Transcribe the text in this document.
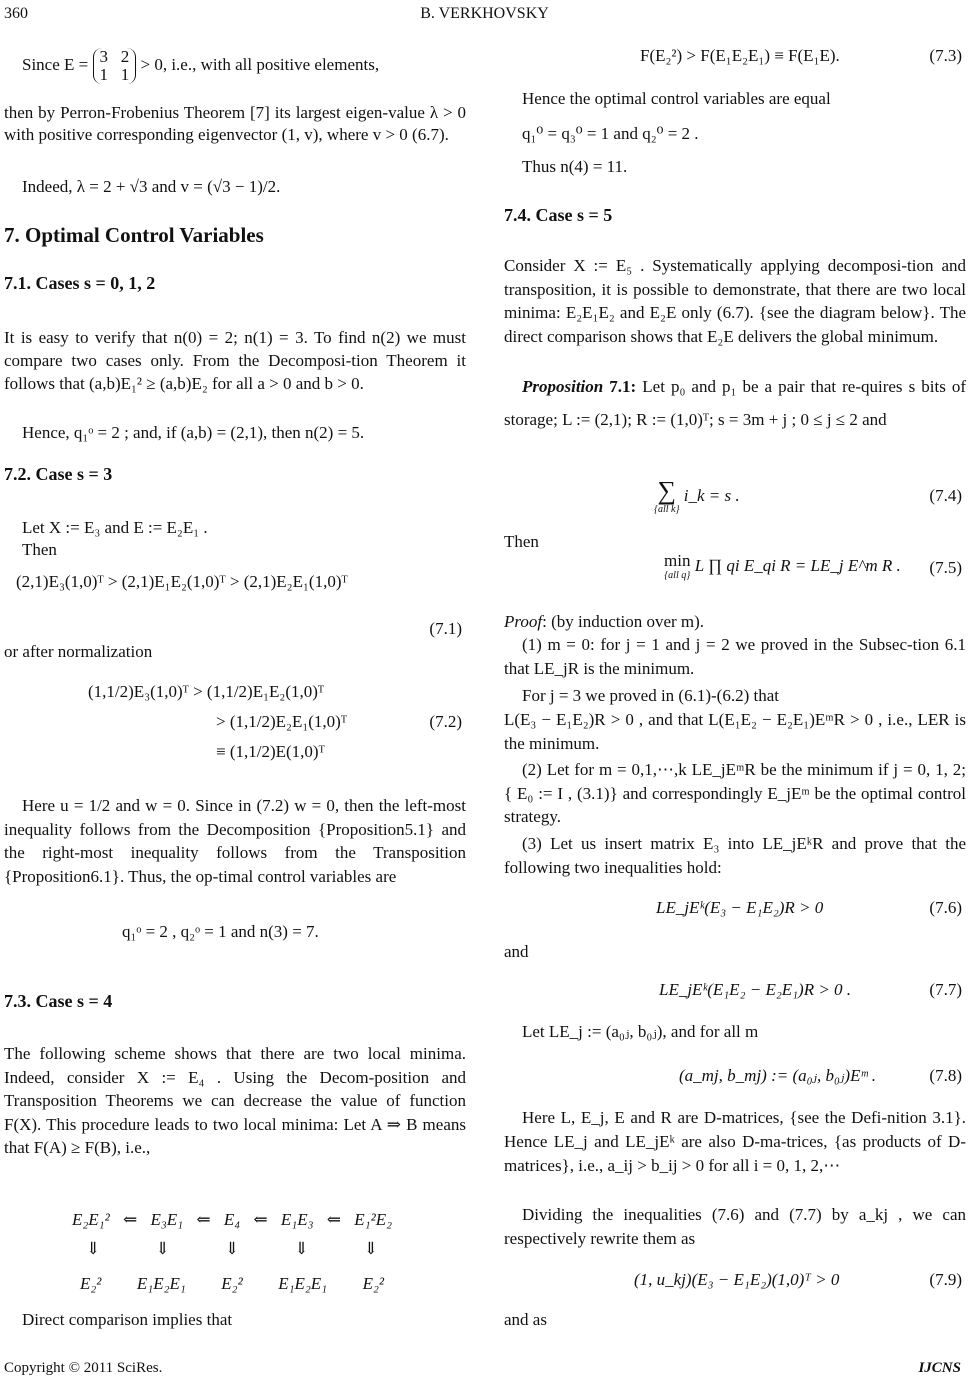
360	B. VERKHOVSKY
Since E = 3 2
1 1 > 0, i.e., with all positive elements,
then by Perron-Frobenius Theorem [7] its largest eigen-value λ > 0 with positive corresponding eigenvector (1, v), where v > 0 (6.7).
Indeed, λ = 2 + √3 and v = (√3 − 1)/2.
7. Optimal Control Variables
7.1. Cases s = 0, 1, 2
It is easy to verify that n(0) = 2; n(1) = 3. To find n(2) we must compare two cases only. From the Decomposi-tion Theorem it follows that (a,b)E₁² ≥ (a,b)E₂ for all a > 0 and b > 0.
Hence, q₁ᵒ = 2 ; and, if (a,b) = (2,1), then n(2) = 5.
7.2. Case s = 3
Let X := E₃ and E := E₂E₁ .
Then
(2,1)E₃(1,0)ᵀ > (2,1)E₁E₂(1,0)ᵀ > (2,1)E₂E₁(1,0)ᵀ
(7.1)
or after normalization
(1,1/2)E₃(1,0)ᵀ > (1,1/2)E₁E₂(1,0)ᵀ
> (1,1/2)E₂E₁(1,0)ᵀ	(7.2)
≡ (1,1/2)E(1,0)ᵀ
Here u = 1/2 and w = 0. Since in (7.2) w = 0, then the left-most inequality follows from the Decomposition {Proposition5.1} and the right-most inequality follows from the Transposition {Proposition6.1}. Thus, the op-timal control variables are
q₁ᵒ = 2 , q₂ᵒ = 1 and n(3) = 7.
7.3. Case s = 4
The following scheme shows that there are two local minima. Indeed, consider X := E₄ . Using the Decom-position and Transposition Theorems we can decrease the value of function F(X). This procedure leads to two local minima: Let A ⇒ B means that F(A) ≥ F(B), i.e.,
E₂E₁² ⇐ E₃E₁ ⇐ E₄ ⇐ E₁E₃ ⇐ E₁²E₂
⇓	⇓	⇓	⇓	⇓
E₂² E₁E₂E₁ E₂² E₁E₂E₁ E₂²
Direct comparison implies that
F(E₂²) > F(E₁E₂E₁) ≡ F(E₁E).	(7.3)
Hence the optimal control variables are equal
q₁⁰ = q₃⁰ = 1 and q₂⁰ = 2 .
Thus n(4) = 11.
7.4. Case s = 5
Consider X := E₅ . Systematically applying decomposi-tion and transposition, it is possible to demonstrate, that there are two local minima: E₂E₁E₂ and E₂E only (6.7). {see the diagram below}. The direct comparison shows that E₂E delivers the global minimum.
Proposition 7.1: Let p₀ and p₁ be a pair that re-quires s bits of storage; L := (2,1); R := (1,0)ᵀ; s = 3m + j ; 0 ≤ j ≤ 2 and
∑
{all k}
i_k = s .	(7.4)
Then
min
{all q}
L ∏ qi E_qi R = LE_j E^m R .	(7.5)
Proof: (by induction over m).
(1) m = 0: for j = 1 and j = 2 we proved in the Subsec-tion 6.1 that LE_jR is the minimum.
For j = 3 we proved in (6.1)-(6.2) that
L(E₃ − E₁E₂)R > 0 , and that L(E₁E₂ − E₂E₁)EᵐR > 0 , i.e., LER is the minimum.
(2) Let for m = 0,1,⋯,k LE_jEᵐR be the minimum if j = 0, 1, 2; { E₀ := I , (3.1)} and correspondingly E_jEᵐ be the optimal control strategy.
(3) Let us insert matrix E₃ into LE_jEᵏR and prove that the following two inequalities hold:
LE_jEᵏ(E₃ − E₁E₂)R > 0	(7.6)
and
LE_jEᵏ(E₁E₂ − E₂E₁)R > 0 .	(7.7)
Let LE_j := (a₀ⱼ, b₀ⱼ), and for all m
(a_mj, b_mj) := (a₀ⱼ, b₀ⱼ)Eᵐ .	(7.8)
Here L, E_j, E and R are D-matrices, {see the Defi-nition 3.1}. Hence LE_j and LE_jEᵏ are also D-ma-trices, {as products of D-matrices}, i.e., a_ij > b_ij > 0 for all i = 0, 1, 2,⋯
Dividing the inequalities (7.6) and (7.7) by a_kj , we can respectively rewrite them as
(1, u_kj)(E₃ − E₁E₂)(1,0)ᵀ > 0	(7.9)
and as
Copyright © 2011 SciRes.	IJCNS
